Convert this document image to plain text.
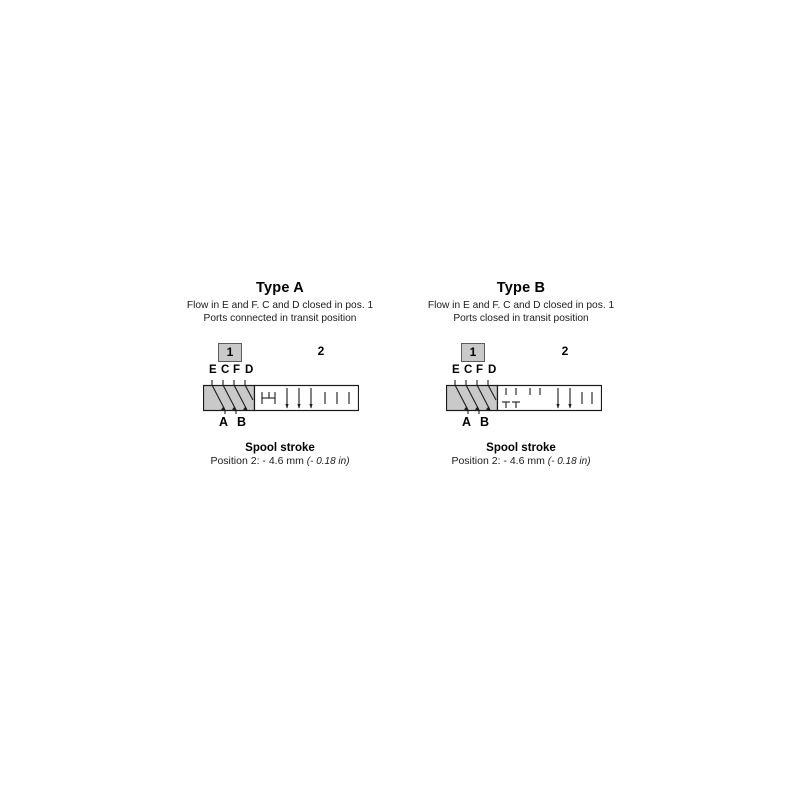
Type A
Flow in E and F. C and D closed in pos. 1
Ports connected in transit position
1	2
E C F D
A B
Spool stroke
Position 2: - 4.6 mm (- 0.18 in)
Type B
Flow in E and F. C and D closed in pos. 1
Ports closed in transit position
1	2
E C F D
A B
Spool stroke
Position 2: - 4.6 mm (- 0.18 in)
